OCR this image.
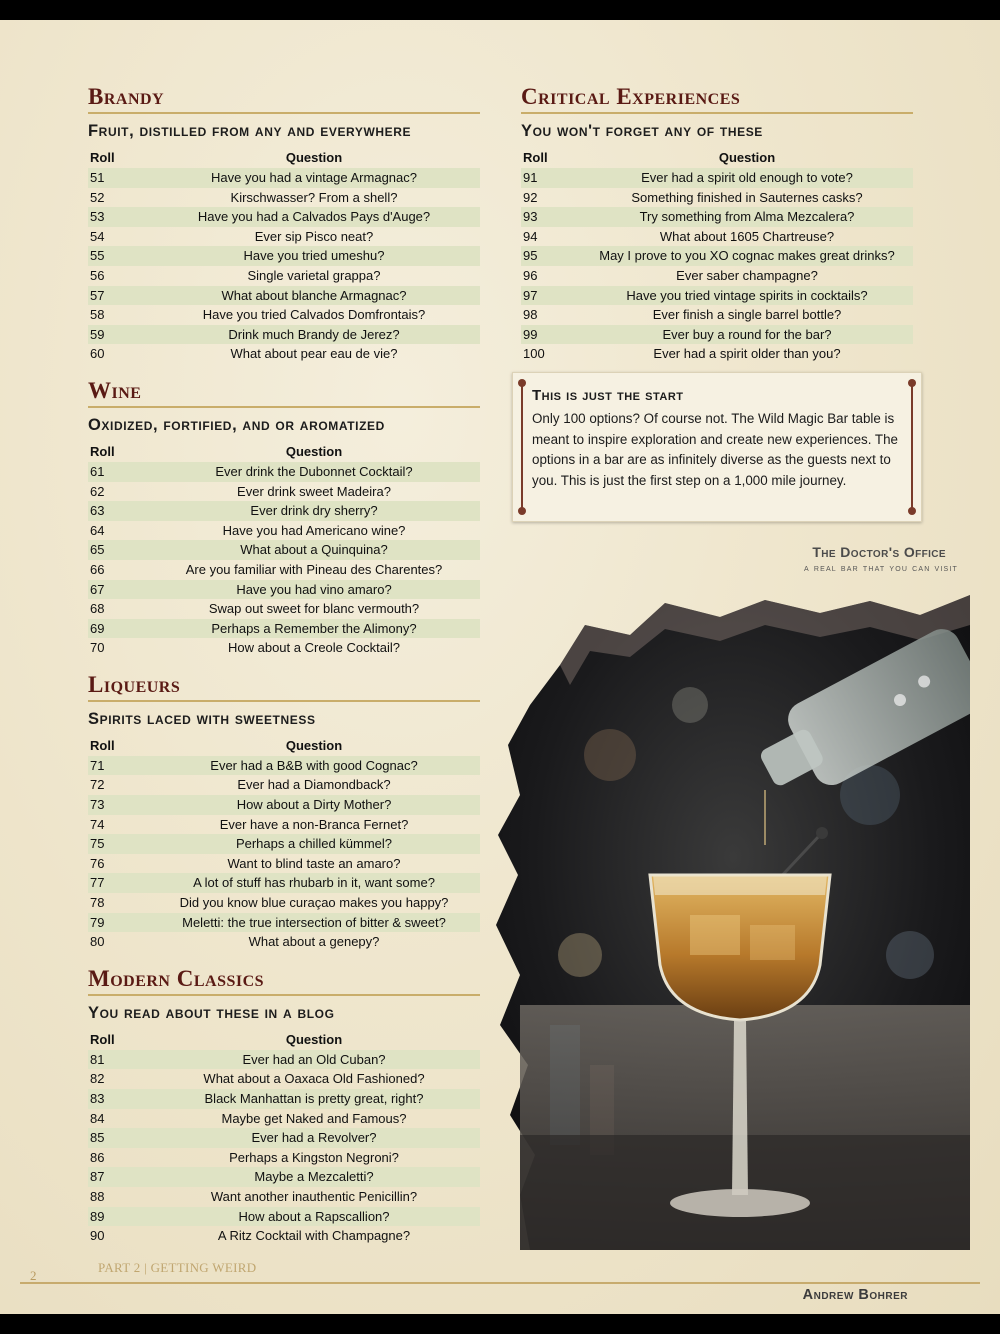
Brandy
Fruit, distilled from any and everywhere
Roll	Question
51	Have you had a vintage Armagnac?
52	Kirschwasser? From a shell?
53	Have you had a Calvados Pays d'Auge?
54	Ever sip Pisco neat?
55	Have you tried umeshu?
56	Single varietal grappa?
57	What about blanche Armagnac?
58	Have you tried Calvados Domfrontais?
59	Drink much Brandy de Jerez?
60	What about pear eau de vie?
Wine
Oxidized, fortified, and or aromatized
Roll	Question
61	Ever drink the Dubonnet Cocktail?
62	Ever drink sweet Madeira?
63	Ever drink dry sherry?
64	Have you had Americano wine?
65	What about a Quinquina?
66	Are you familiar with Pineau des Charentes?
67	Have you had vino amaro?
68	Swap out sweet for blanc vermouth?
69	Perhaps a Remember the Alimony?
70	How about a Creole Cocktail?
Liqueurs
Spirits laced with sweetness
Roll	Question
71	Ever had a B&B with good Cognac?
72	Ever had a Diamondback?
73	How about a Dirty Mother?
74	Ever have a non-Branca Fernet?
75	Perhaps a chilled kümmel?
76	Want to blind taste an amaro?
77	A lot of stuff has rhubarb in it, want some?
78	Did you know blue curaçao makes you happy?
79	Meletti: the true intersection of bitter & sweet?
80	What about a genepy?
Modern Classics
You read about these in a blog
Roll	Question
81	Ever had an Old Cuban?
82	What about a Oaxaca Old Fashioned?
83	Black Manhattan is pretty great, right?
84	Maybe get Naked and Famous?
85	Ever had a Revolver?
86	Perhaps a Kingston Negroni?
87	Maybe a Mezcaletti?
88	Want another inauthentic Penicillin?
89	How about a Rapscallion?
90	A Ritz Cocktail with Champagne?
Critical Experiences
You won't forget any of these
Roll	Question
91	Ever had a spirit old enough to vote?
92	Something finished in Sauternes casks?
93	Try something from Alma Mezcalera?
94	What about 1605 Chartreuse?
95	May I prove to you XO cognac makes great drinks?
96	Ever saber champagne?
97	Have you tried vintage spirits in cocktails?
98	Ever finish a single barrel bottle?
99	Ever buy a round for the bar?
100	Ever had a spirit older than you?
This is just the start
Only 100 options? Of course not. The Wild Magic Bar table is meant to inspire exploration and create new experiences. The options in a bar are as infinitely diverse as the guests next to you. This is just the first step on a 1,000 mile journey.
The Doctor's Office
a real bar that you can visit
2
PART 2 | GETTING WEIRD
Andrew Bohrer
